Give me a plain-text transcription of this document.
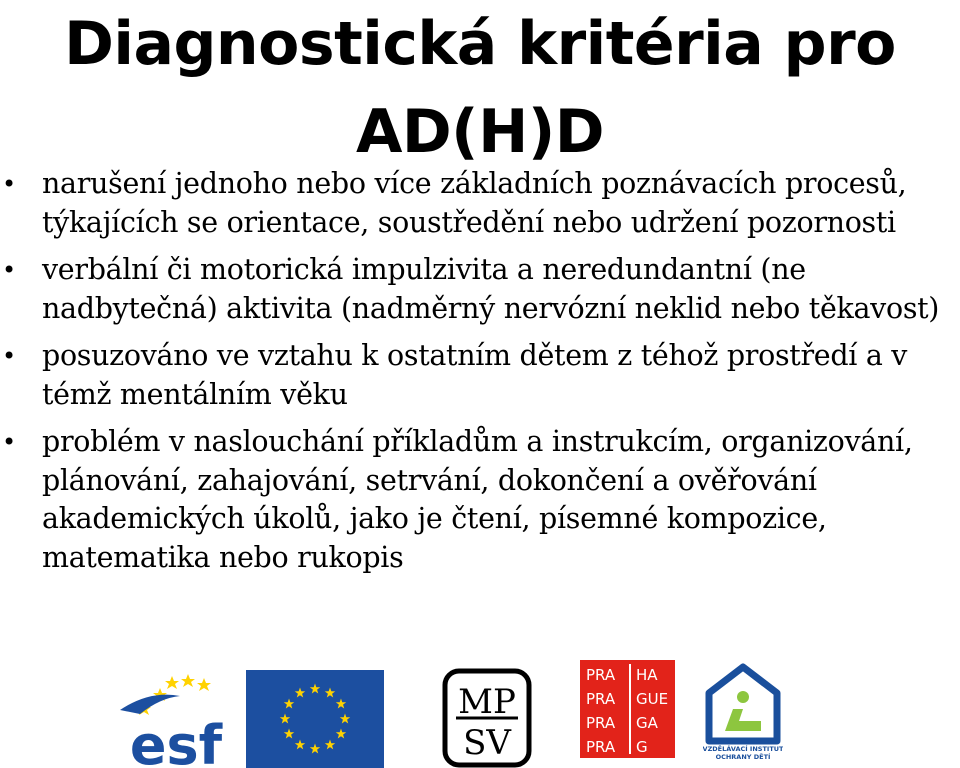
Diagnostická kritéria pro
AD(H)D
• narušení jednoho nebo více základních poznávacích procesů, týkajících se orientace, soustředění nebo udržení pozornosti
• verbální či motorická impulzivita a neredundantní (ne nadbytečná) aktivita (nadměrný nervózní neklid nebo těkavost)
• posuzováno ve vztahu k ostatním dětem z téhož prostředí a v témž mentálním věku
• problém v naslouchání příkladům a instrukcím, organizování, plánování, zahajování, setrvání, dokončení a ověřování akademických úkolů, jako je čtení, písemné kompozice, matematika nebo rukopis
esf
MP
SV
PRA HA
PRA GUE
PRA GA
PRA G	VZDĚLÁVACÍ INSTITUT
OCHRANY DĚTÍ
